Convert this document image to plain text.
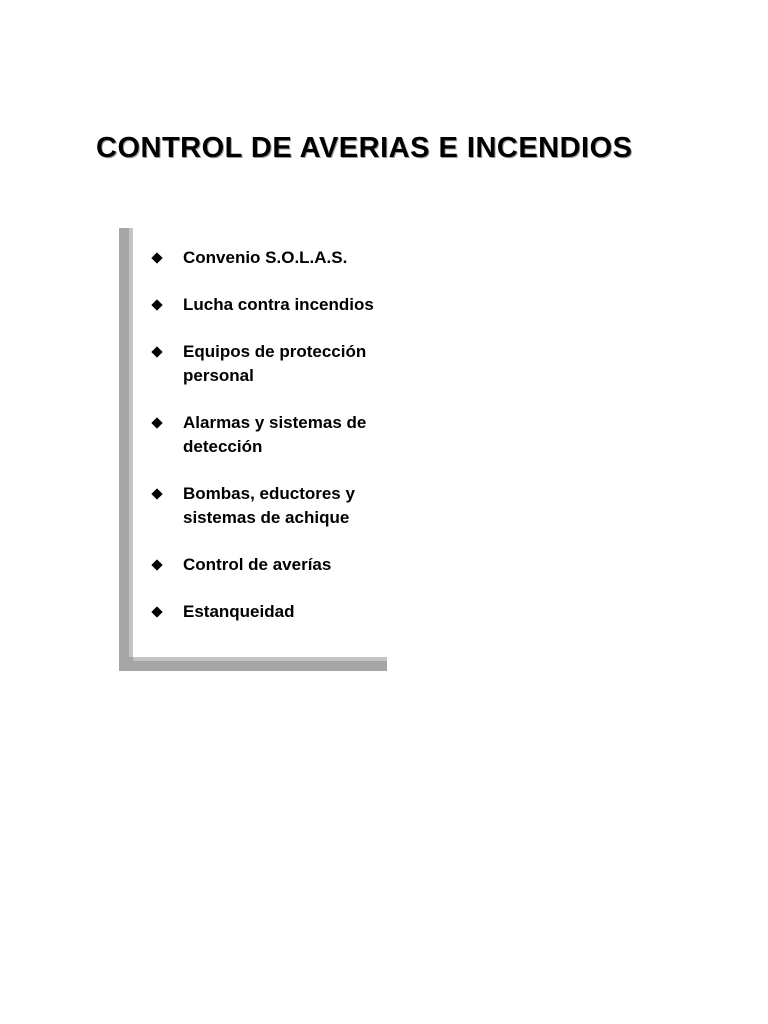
CONTROL DE AVERIAS E INCENDIOS
Convenio S.O.L.A.S.
Lucha contra incendios
Equipos de protección personal
Alarmas y sistemas de detección
Bombas, eductores y sistemas de achique
Control de averías
Estanqueidad
